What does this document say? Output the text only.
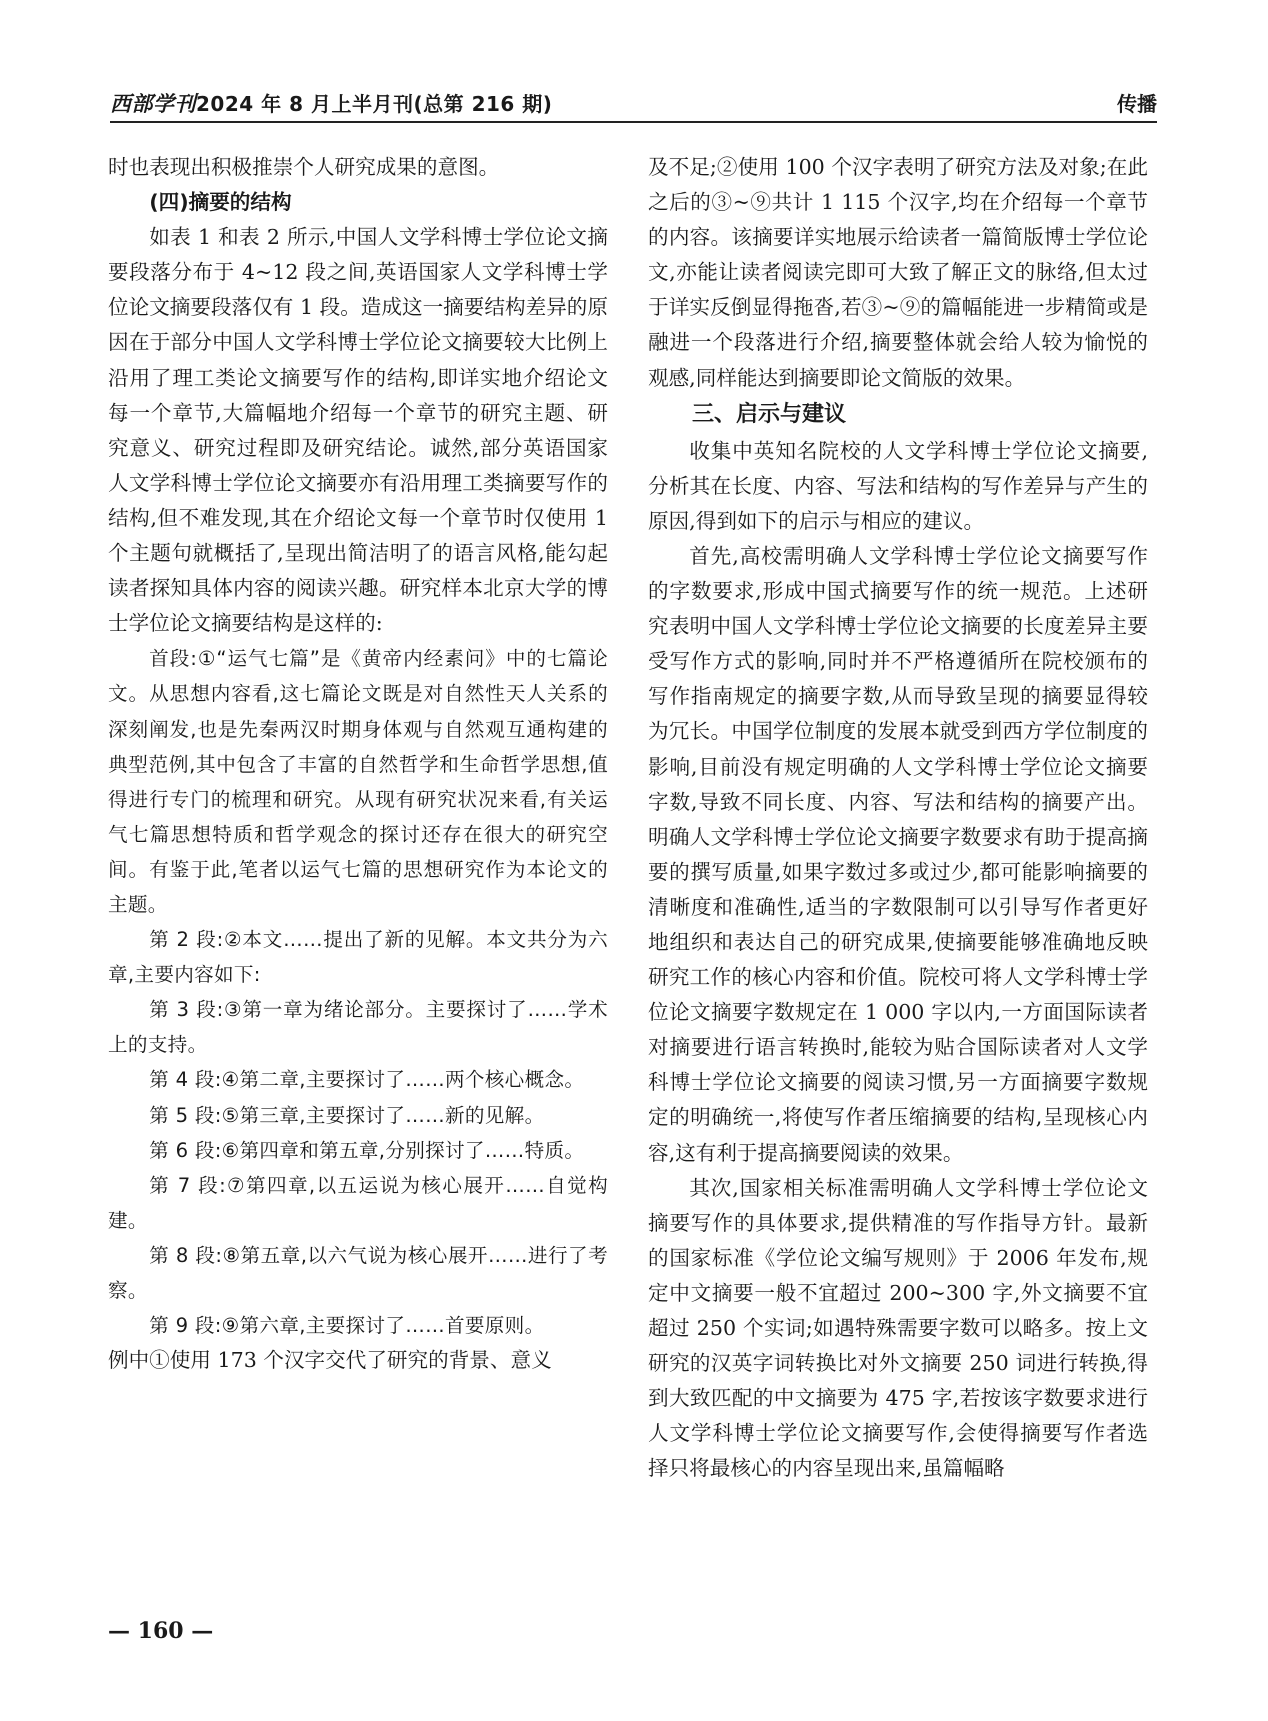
西部学刊2024 年 8 月上半月刊(总第 216 期)	传播

时也表现出积极推崇个人研究成果的意图。

(四)摘要的结构

如表 1 和表 2 所示,中国人文学科博士学位论文摘要段落分布于 4~12 段之间,英语国家人文学科博士学位论文摘要段落仅有 1 段。造成这一摘要结构差异的原因在于部分中国人文学科博士学位论文摘要较大比例上沿用了理工类论文摘要写作的结构,即详实地介绍论文每一个章节,大篇幅地介绍每一个章节的研究主题、研究意义、研究过程即及研究结论。诚然,部分英语国家人文学科博士学位论文摘要亦有沿用理工类摘要写作的结构,但不难发现,其在介绍论文每一个章节时仅使用 1 个主题句就概括了,呈现出简洁明了的语言风格,能勾起读者探知具体内容的阅读兴趣。研究样本北京大学的博士学位论文摘要结构是这样的:

首段:①“运气七篇”是《黄帝内经素问》中的七篇论文。从思想内容看,这七篇论文既是对自然性天人关系的深刻阐发,也是先秦两汉时期身体观与自然观互通构建的典型范例,其中包含了丰富的自然哲学和生命哲学思想,值得进行专门的梳理和研究。从现有研究状况来看,有关运气七篇思想特质和哲学观念的探讨还存在很大的研究空间。有鉴于此,笔者以运气七篇的思想研究作为本论文的主题。

第 2 段:②本文……提出了新的见解。本文共分为六章,主要内容如下:

第 3 段:③第一章为绪论部分。主要探讨了……学术上的支持。

第 4 段:④第二章,主要探讨了……两个核心概念。

第 5 段:⑤第三章,主要探讨了……新的见解。

第 6 段:⑥第四章和第五章,分别探讨了……特质。

第 7 段:⑦第四章,以五运说为核心展开……自觉构建。

第 8 段:⑧第五章,以六气说为核心展开……进行了考察。

第 9 段:⑨第六章,主要探讨了……首要原则。

例中①使用 173 个汉字交代了研究的背景、意义

及不足;②使用 100 个汉字表明了研究方法及对象;在此之后的③~⑨共计 1 115 个汉字,均在介绍每一个章节的内容。该摘要详实地展示给读者一篇简版博士学位论文,亦能让读者阅读完即可大致了解正文的脉络,但太过于详实反倒显得拖沓,若③~⑨的篇幅能进一步精简或是融进一个段落进行介绍,摘要整体就会给人较为愉悦的观感,同样能达到摘要即论文简版的效果。

三、启示与建议

收集中英知名院校的人文学科博士学位论文摘要,分析其在长度、内容、写法和结构的写作差异与产生的原因,得到如下的启示与相应的建议。

首先,高校需明确人文学科博士学位论文摘要写作的字数要求,形成中国式摘要写作的统一规范。上述研究表明中国人文学科博士学位论文摘要的长度差异主要受写作方式的影响,同时并不严格遵循所在院校颁布的写作指南规定的摘要字数,从而导致呈现的摘要显得较为冗长。中国学位制度的发展本就受到西方学位制度的影响,目前没有规定明确的人文学科博士学位论文摘要字数,导致不同长度、内容、写法和结构的摘要产出。明确人文学科博士学位论文摘要字数要求有助于提高摘要的撰写质量,如果字数过多或过少,都可能影响摘要的清晰度和准确性,适当的字数限制可以引导写作者更好地组织和表达自己的研究成果,使摘要能够准确地反映研究工作的核心内容和价值。院校可将人文学科博士学位论文摘要字数规定在 1 000 字以内,一方面国际读者对摘要进行语言转换时,能较为贴合国际读者对人文学科博士学位论文摘要的阅读习惯,另一方面摘要字数规定的明确统一,将使写作者压缩摘要的结构,呈现核心内容,这有利于提高摘要阅读的效果。

其次,国家相关标准需明确人文学科博士学位论文摘要写作的具体要求,提供精准的写作指导方针。最新的国家标准《学位论文编写规则》于 2006 年发布,规定中文摘要一般不宜超过 200~300 字,外文摘要不宜超过 250 个实词;如遇特殊需要字数可以略多。按上文研究的汉英字词转换比对外文摘要 250 词进行转换,得到大致匹配的中文摘要为 475 字,若按该字数要求进行人文学科博士学位论文摘要写作,会使得摘要写作者选择只将最核心的内容呈现出来,虽篇幅略

— 160 —
